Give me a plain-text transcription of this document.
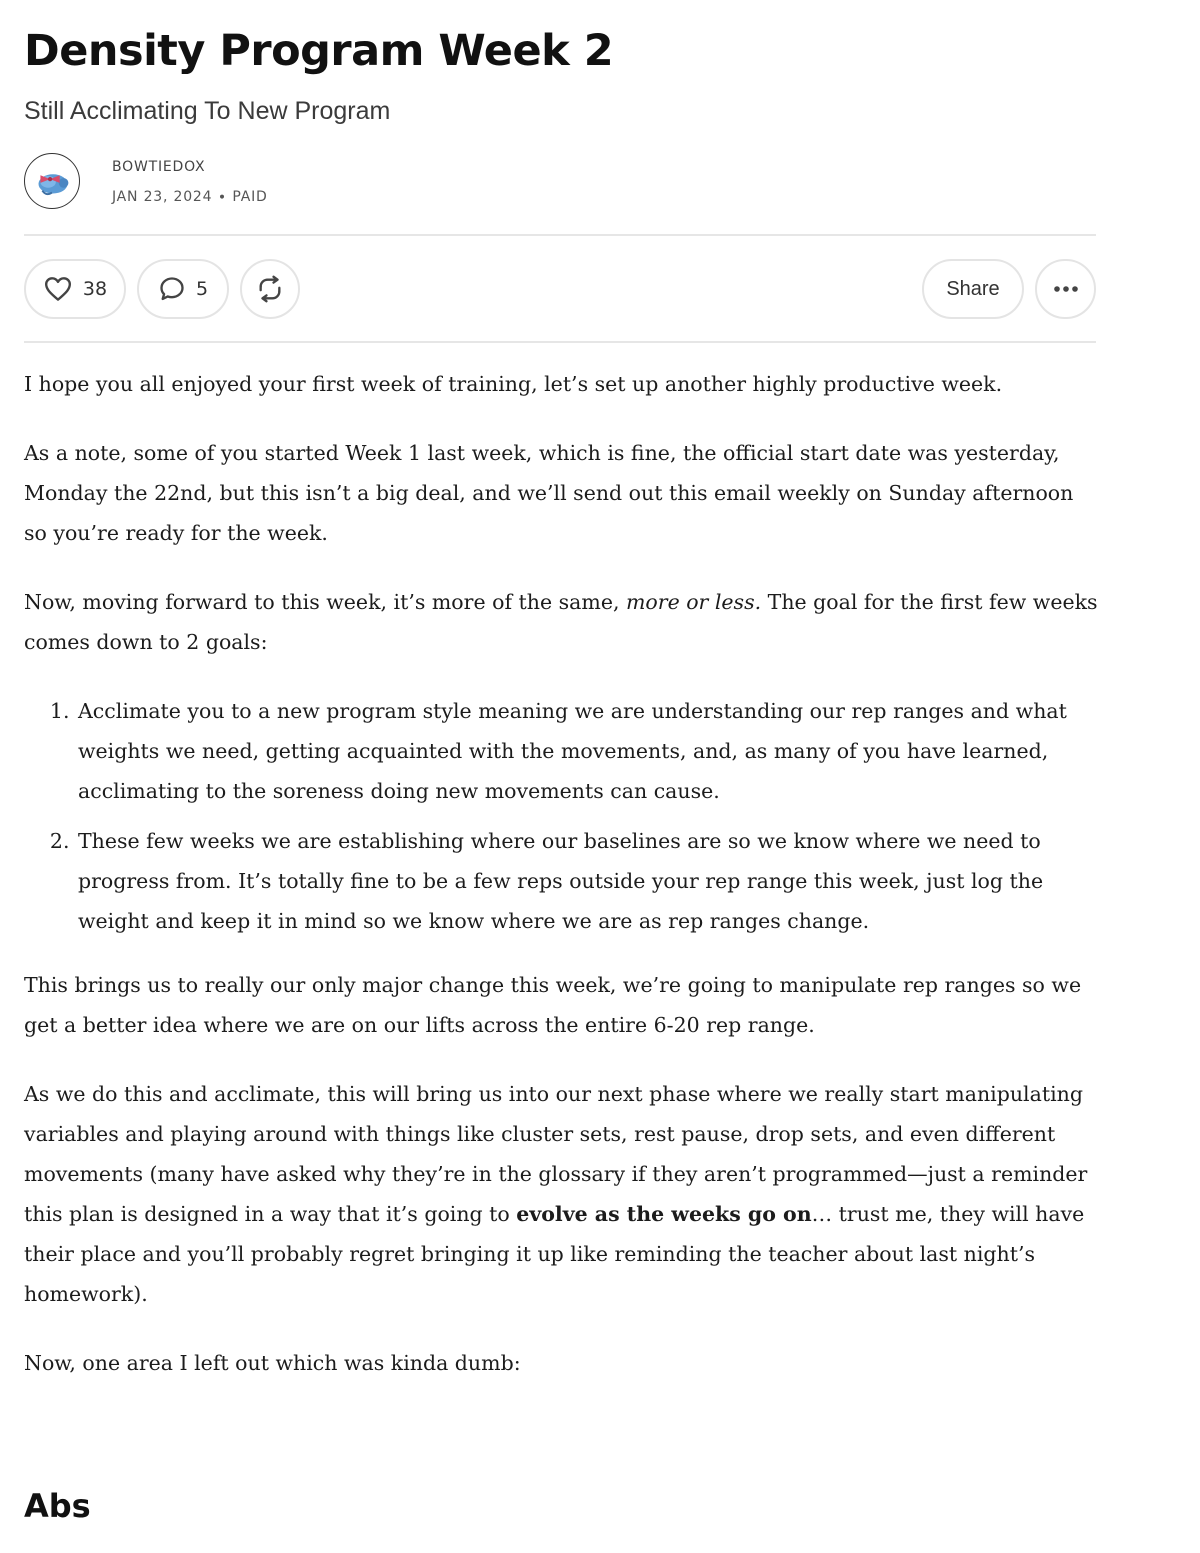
Density Program Week 2
Still Acclimating To New Program
BOWTIEDOX
JAN 23, 2024 ∙ PAID
38	5	Share

I hope you all enjoyed your first week of training, let’s set up another highly productive week.

As a note, some of you started Week 1 last week, which is fine, the official start date was yesterday, Monday the 22nd, but this isn’t a big deal, and we’ll send out this email weekly on Sunday afternoon so you’re ready for the week.

Now, moving forward to this week, it’s more of the same, more or less. The goal for the first few weeks comes down to 2 goals:

1. Acclimate you to a new program style meaning we are understanding our rep ranges and what weights we need, getting acquainted with the movements, and, as many of you have learned, acclimating to the soreness doing new movements can cause.
2. These few weeks we are establishing where our baselines are so we know where we need to progress from. It’s totally fine to be a few reps outside your rep range this week, just log the weight and keep it in mind so we know where we are as rep ranges change.

This brings us to really our only major change this week, we’re going to manipulate rep ranges so we get a better idea where we are on our lifts across the entire 6-20 rep range.

As we do this and acclimate, this will bring us into our next phase where we really start manipulating variables and playing around with things like cluster sets, rest pause, drop sets, and even different movements (many have asked why they’re in the glossary if they aren’t programmed—just a reminder this plan is designed in a way that it’s going to evolve as the weeks go on… trust me, they will have their place and you’ll probably regret bringing it up like reminding the teacher about last night’s homework).

Now, one area I left out which was kinda dumb:

Abs
